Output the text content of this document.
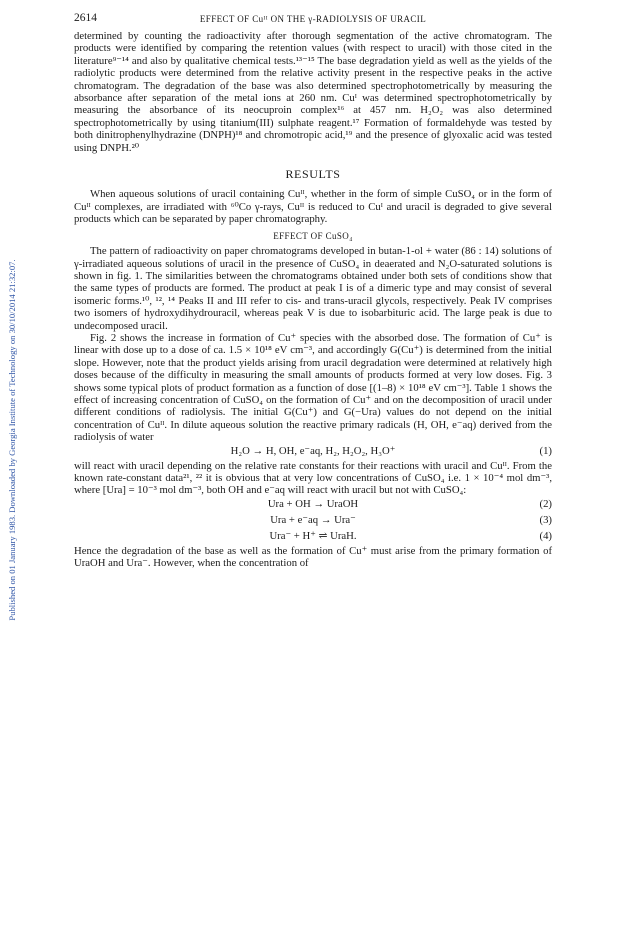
Published on 01 January 1983. Downloaded by Georgia Institute of Technology on 30/10/2014 21:32:07.
2614	EFFECT OF Cuᴵᴵ ON THE γ-RADIOLYSIS OF URACIL

determined by counting the radioactivity after thorough segmentation of the active chromatogram. The products were identified by comparing the retention values (with respect to uracil) with those cited in the literature⁹⁻¹⁴ and also by qualitative chemical tests.¹³⁻¹⁵ The base degradation yield as well as the yields of the radiolytic products were determined from the relative activity present in the respective peaks in the active chromatogram. The degradation of the base was also determined spectrophotometrically by measuring the absorbance after separation of the metal ions at 260 nm. Cuᴵ was determined spectrophotometrically by measuring the absorbance of its neocuproin complex¹⁶ at 457 nm. H₂O₂ was also determined spectrophotometrically by using titanium(III) sulphate reagent.¹⁷ Formation of formaldehyde was tested by both dinitrophenylhydrazine (DNPH)¹⁸ and chromotropic acid,¹⁹ and the presence of glyoxalic acid was tested using DNPH.²⁰

RESULTS

When aqueous solutions of uracil containing Cuᴵᴵ, whether in the form of simple CuSO₄ or in the form of Cuᴵᴵ complexes, are irradiated with ⁶⁰Co γ-rays, Cuᴵᴵ is reduced to Cuᴵ and uracil is degraded to give several products which can be separated by paper chromatography.

EFFECT OF CuSO₄

The pattern of radioactivity on paper chromatograms developed in butan-1-ol + water (86 : 14) solutions of γ-irradiated aqueous solutions of uracil in the presence of CuSO₄ in deaerated and N₂O-saturated solutions is shown in fig. 1. The similarities between the chromatograms obtained under both sets of conditions show that the same types of products are formed. The product at peak I is of a dimeric type and may consist of several isomeric forms.¹⁰, ¹², ¹⁴ Peaks II and III refer to cis- and trans-uracil glycols, respectively. Peak IV comprises two isomers of hydroxydihydrouracil, whereas peak V is due to isobarbituric acid. The large peak is due to undecomposed uracil.

Fig. 2 shows the increase in formation of Cu⁺ species with the absorbed dose. The formation of Cu⁺ is linear with dose up to a dose of ca. 1.5 × 10¹⁸ eV cm⁻³, and accordingly G(Cu⁺) is determined from the initial slope. However, note that the product yields arising from uracil degradation were determined at relatively high doses because of the difficulty in measuring the small amounts of products formed at very low doses. Fig. 3 shows some typical plots of product formation as a function of dose [(1–8) × 10¹⁸ eV cm⁻³]. Table 1 shows the effect of increasing concentration of CuSO₄ on the formation of Cu⁺ and on the decomposition of uracil under different conditions of radiolysis. The initial G(Cu⁺) and G(−Ura) values do not depend on the initial concentration of Cuᴵᴵ. In dilute aqueous solution the reactive primary radicals (H, OH, e⁻aq) derived from the radiolysis of water

H₂O → H, OH, e⁻aq, H₂, H₂O₂, H₃O⁺	(1)

will react with uracil depending on the relative rate constants for their reactions with uracil and Cuᴵᴵ. From the known rate-constant data²¹, ²² it is obvious that at very low concentrations of CuSO₄ i.e. 1 × 10⁻⁴ mol dm⁻³, where [Ura] = 10⁻³ mol dm⁻³, both OH and e⁻aq will react with uracil but not with CuSO₄:

Ura + OH → UraOH	(2)
Ura + e⁻aq → Ura⁻	(3)
Ura⁻ + H⁺ ⇌ UraH.	(4)

Hence the degradation of the base as well as the formation of Cu⁺ must arise from the primary formation of UraOH and Ura⁻. However, when the concentration of
